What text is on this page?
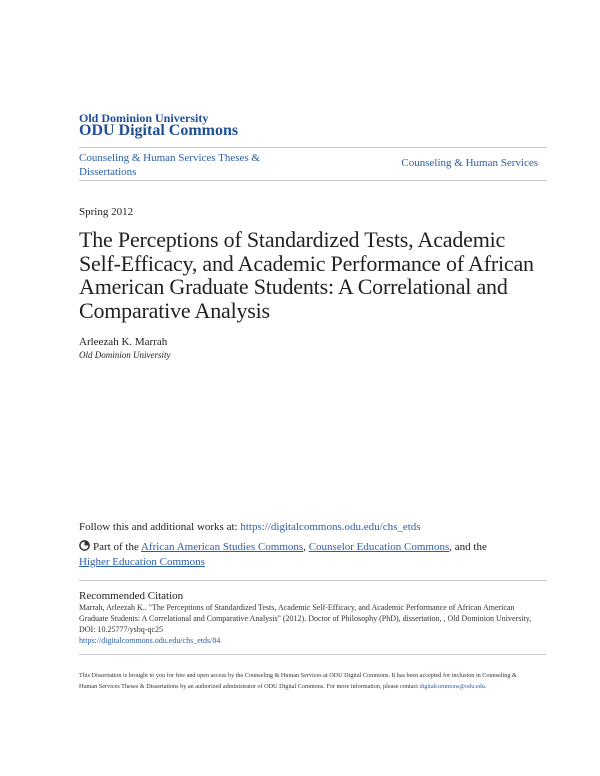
Old Dominion University
ODU Digital Commons
Counseling & Human Services Theses & Dissertations
Counseling & Human Services
Spring 2012
The Perceptions of Standardized Tests, Academic Self-Efficacy, and Academic Performance of African American Graduate Students: A Correlational and Comparative Analysis
Arleezah K. Marrah
Old Dominion University
Follow this and additional works at: https://digitalcommons.odu.edu/chs_etds
Part of the African American Studies Commons, Counselor Education Commons, and the
Higher Education Commons
Recommended Citation
Marrah, Arleezah K.. "The Perceptions of Standardized Tests, Academic Self-Efficacy, and Academic Performance of African American Graduate Students: A Correlational and Comparative Analysis" (2012). Doctor of Philosophy (PhD), dissertation, , Old Dominion University, DOI: 10.25777/ysbq-qc25
https://digitalcommons.odu.edu/chs_etds/84
This Dissertation is brought to you for free and open access by the Counseling & Human Services at ODU Digital Commons. It has been accepted for inclusion in Counseling & Human Services Theses & Dissertations by an authorized administrator of ODU Digital Commons. For more information, please contact digitalcommons@odu.edu.
